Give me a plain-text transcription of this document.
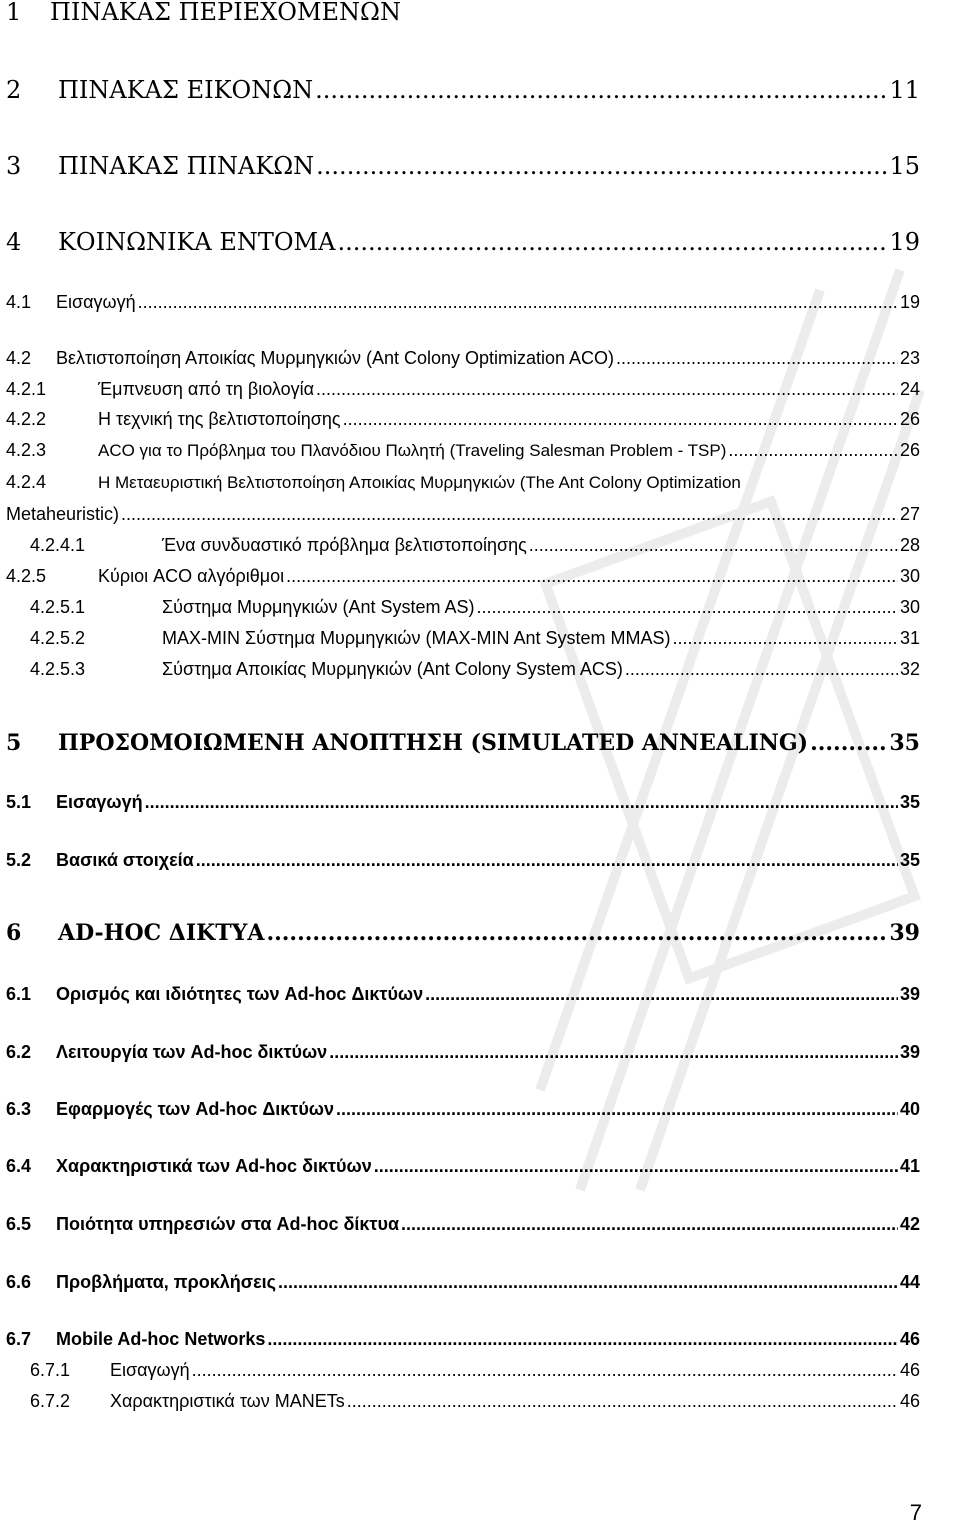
1	ΠΙΝΑΚΑΣ ΠΕΡΙΕΧΟΜΕΝΩΝ
2	ΠΙΝΑΚΑΣ ΕΙΚΟΝΩΝ .....	11
3	ΠΙΝΑΚΑΣ ΠΙΝΑΚΩΝ .....	15
4	ΚΟΙΝΩΝΙΚΑ ΕΝΤΟΜΑ .....	19
4.1	Εισαγωγή .....	19
4.2	Βελτιστοποίηση Αποικίας Μυρμηγκιών (Ant Colony Optimization ACO) .....	23
4.2.1	Έμπνευση από τη βιολογία .....	24
4.2.2	Η τεχνική της βελτιστοποίησης .....	26
4.2.3	ACO για το Πρόβλημα του Πλανόδιου Πωλητή (Traveling Salesman Problem - TSP) .....	26
4.2.4	Η Μεταευριστική Βελτιστοποίηση Αποικίας Μυρμηγκιών (The Ant Colony Optimization
Metaheuristic) .....	27
4.2.4.1	Ένα συνδυαστικό πρόβλημα βελτιστοποίησης .....	28
4.2.5	Κύριοι ACO αλγόριθμοι .....	30
4.2.5.1	Σύστημα Μυρμηγκιών (Ant System AS) .....	30
4.2.5.2	MAX-MIN Σύστημα Μυρμηγκιών (MAX-MIN Ant System MMAS) .....	31
4.2.5.3	Σύστημα Αποικίας Μυρμηγκιών (Ant Colony System ACS) .....	32
5	ΠΡΟΣΟΜΟΙΩΜΕΝΗ ΑΝΟΠΤΗΣΗ (SIMULATED ANNEALING) .....	35
5.1	Εισαγωγή .....	35
5.2	Βασικά στοιχεία .....	35
6	AD-HOC ΔΙΚΤΥΑ .....	39
6.1	Ορισμός και ιδιότητες των Ad-hoc Δικτύων .....	39
6.2	Λειτουργία των Ad-hoc δικτύων .....	39
6.3	Εφαρμογές των Ad-hoc Δικτύων .....	40
6.4	Χαρακτηριστικά των Ad-hoc δικτύων .....	41
6.5	Ποιότητα υπηρεσιών στα Ad-hoc δίκτυα .....	42
6.6	Προβλήματα, προκλήσεις .....	44
6.7	Mobile Ad-hoc Networks .....	46
6.7.1	Εισαγωγή .....	46
6.7.2	Χαρακτηριστικά των MANETs .....	46
7
